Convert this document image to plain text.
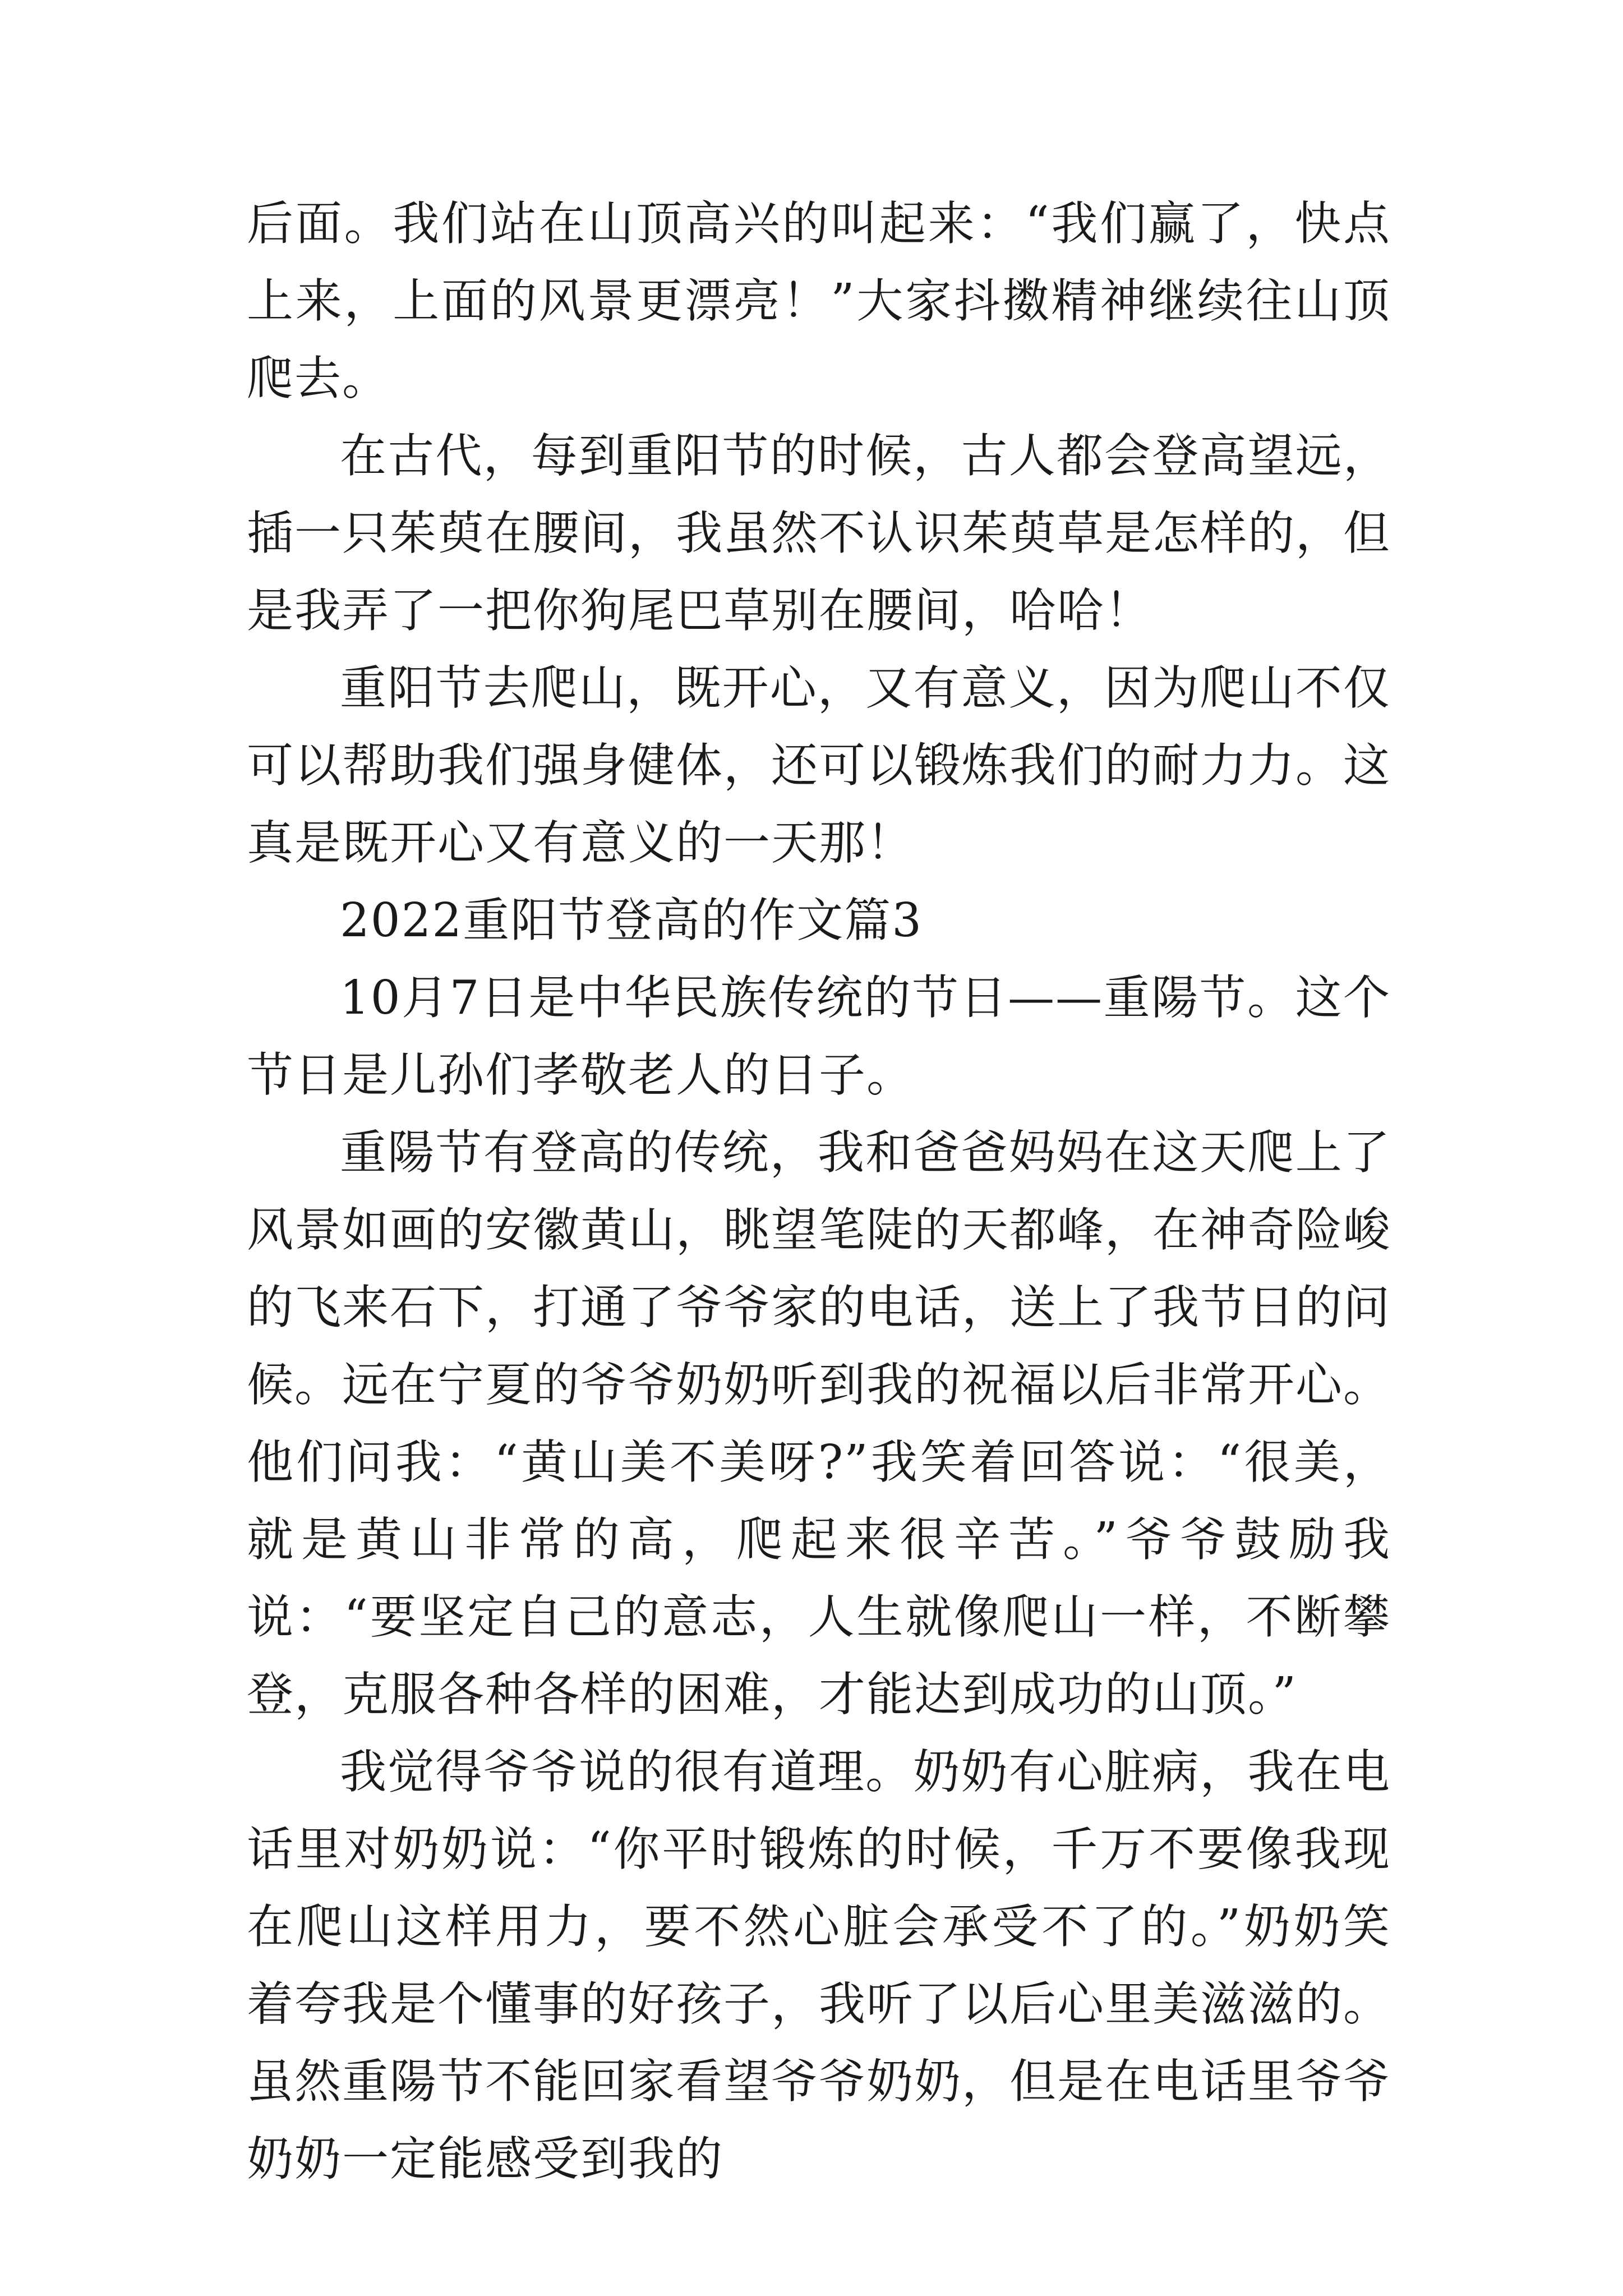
后面。我们站在山顶高兴的叫起来：“我们赢了，快点上来，上面的风景更漂亮！”大家抖擞精神继续往山顶爬去。

在古代，每到重阳节的时候，古人都会登高望远，插一只茱萸在腰间，我虽然不认识茱萸草是怎样的，但是我弄了一把你狗尾巴草别在腰间，哈哈！

重阳节去爬山，既开心，又有意义，因为爬山不仅可以帮助我们强身健体，还可以锻炼我们的耐力力。这真是既开心又有意义的一天那！

2022重阳节登高的作文篇3

10月7日是中华民族传统的节日——重陽节。这个节日是儿孙们孝敬老人的日子。

重陽节有登高的传统，我和爸爸妈妈在这天爬上了风景如画的安徽黄山，眺望笔陡的天都峰，在神奇险峻的飞来石下，打通了爷爷家的电话，送上了我节日的问候。远在宁夏的爷爷奶奶听到我的祝福以后非常开心。他们问我：“黄山美不美呀?”我笑着回答说：“很美，就是黄山非常的高，爬起来很辛苦。”爷爷鼓励我说：“要坚定自己的意志，人生就像爬山一样，不断攀登，克服各种各样的困难，才能达到成功的山顶。”

我觉得爷爷说的很有道理。奶奶有心脏病，我在电话里对奶奶说：“你平时锻炼的时候，千万不要像我现在爬山这样用力，要不然心脏会承受不了的。”奶奶笑着夸我是个懂事的好孩子，我听了以后心里美滋滋的。虽然重陽节不能回家看望爷爷奶奶，但是在电话里爷爷奶奶一定能感受到我的
